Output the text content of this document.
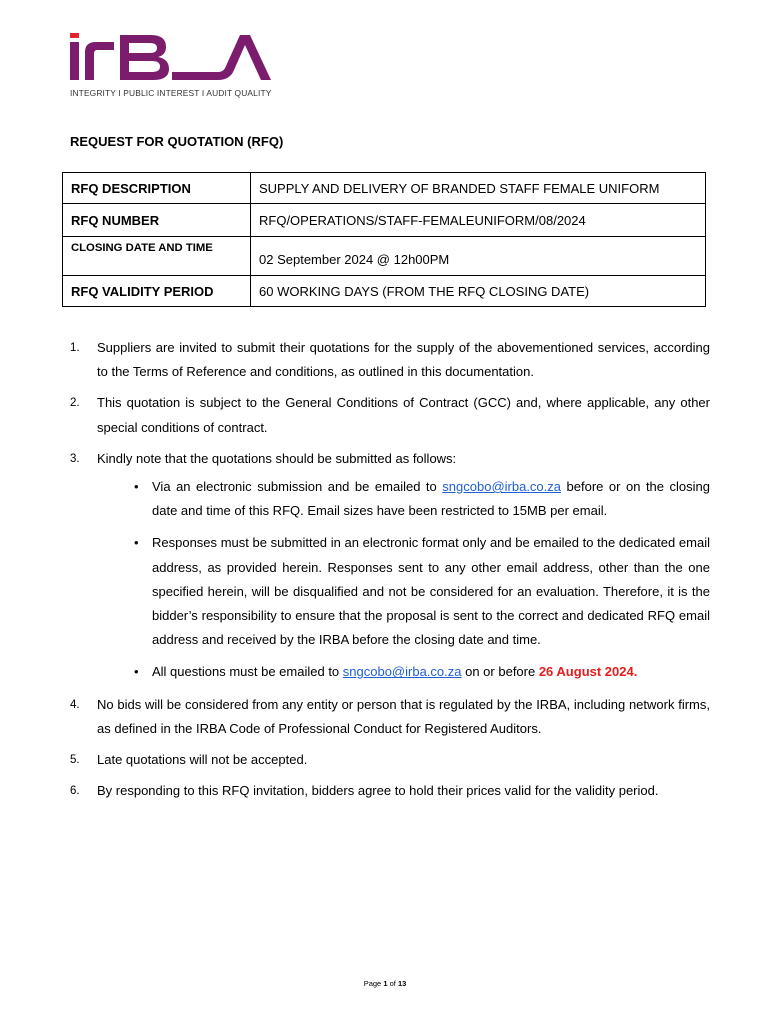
INTEGRITY I PUBLIC INTEREST I AUDIT QUALITY
REQUEST FOR QUOTATION (RFQ)
RFQ DESCRIPTION	SUPPLY AND DELIVERY OF BRANDED STAFF FEMALE UNIFORM
RFQ NUMBER	RFQ/OPERATIONS/STAFF-FEMALEUNIFORM/08/2024
CLOSING DATE AND TIME	02 September 2024 @ 12h00PM
RFQ VALIDITY PERIOD	60 WORKING DAYS (FROM THE RFQ CLOSING DATE)
1. Suppliers are invited to submit their quotations for the supply of the abovementioned services, according to the Terms of Reference and conditions, as outlined in this documentation.
2. This quotation is subject to the General Conditions of Contract (GCC) and, where applicable, any other special conditions of contract.
3. Kindly note that the quotations should be submitted as follows:
• Via an electronic submission and be emailed to sngcobo@irba.co.za before or on the closing date and time of this RFQ. Email sizes have been restricted to 15MB per email.
• Responses must be submitted in an electronic format only and be emailed to the dedicated email address, as provided herein. Responses sent to any other email address, other than the one specified herein, will be disqualified and not be considered for an evaluation. Therefore, it is the bidder’s responsibility to ensure that the proposal is sent to the correct and dedicated RFQ email address and received by the IRBA before the closing date and time.
• All questions must be emailed to sngcobo@irba.co.za on or before 26 August 2024.
4. No bids will be considered from any entity or person that is regulated by the IRBA, including network firms, as defined in the IRBA Code of Professional Conduct for Registered Auditors.
5. Late quotations will not be accepted.
6. By responding to this RFQ invitation, bidders agree to hold their prices valid for the validity period.
Page 1 of 13
